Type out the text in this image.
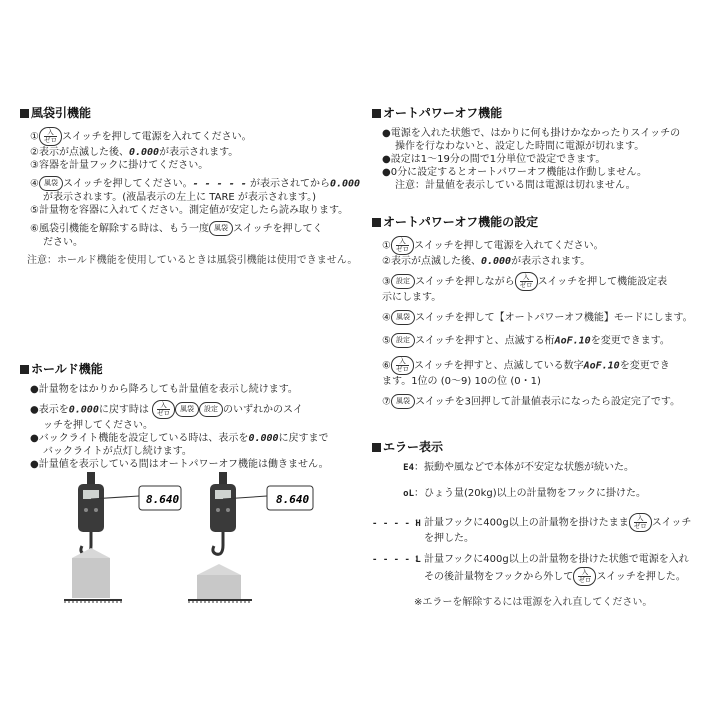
風袋引機能
① 入
ゼロ スイッチを押して電源を入れてください。
②表示が点滅した後、0.000が表示されます。
③容器を計量フックに掛けてください。
④ 風袋 スイッチを押してください。- - - - - が表示されてから0.000
が表示されます。(液晶表示の左上に TARE が表示されます。)
⑤計量物を容器に入れてください。測定値が安定したら読み取ります。
⑥風袋引機能を解除する時は、もう一度 風袋 スイッチを押してく
ださい。
注意：ホールド機能を使用しているときは風袋引機能は使用できません。
ホールド機能
●計量物をはかりから降ろしても計量値を表示し続けます。
●表示を0.000に戻す時は 入
ゼロ 風袋 設定 のいずれかのスイ
ッチを押してください。
●バックライト機能を設定している時は、表示を0.000に戻すまで
バックライトが点灯し続けます。
●計量値を表示している間はオートパワーオフ機能は働きません。
8.640	8.640
オートパワーオフ機能
●電源を入れた状態で、はかりに何も掛けかなかったりスイッチの
操作を行なわないと、設定した時間に電源が切れます。
●設定は1～19分の間で1分単位で設定できます。
●0分に設定するとオートパワーオフ機能は作動しません。
注意：計量値を表示している間は電源は切れません。
オートパワーオフ機能の設定
① 入
ゼロ スイッチを押して電源を入れてください。
②表示が点滅した後、0.000が表示されます。
③ 設定 スイッチを押しながら 入
ゼロ スイッチを押して機能設定表
示にします。
④ 風袋 スイッチを押して【オートパワーオフ機能】モードにします。
⑤ 設定 スイッチを押すと、点滅する桁AoF.10を変更できます。
⑥ 入
ゼロ スイッチを押すと、点滅している数字AoF.10を変更でき
ます。1位の (0～9) 10の位 (0・1)
⑦ 風袋 スイッチを3回押して計量値表示になったら設定完了です。
エラー表示
E4：振動や風などで本体が不安定な状態が続いた。
oL：ひょう量(20kg)以上の計量物をフックに掛けた。
- - - - H：計量フックに400g以上の計量物を掛けたまま 入
ゼロ スイッチ
を押した。
- - - - L：計量フックに400g以上の計量物を掛けた状態で電源を入れ
その後計量物をフックから外して 入
ゼロ スイッチを押した。
※エラーを解除するには電源を入れ直してください。
